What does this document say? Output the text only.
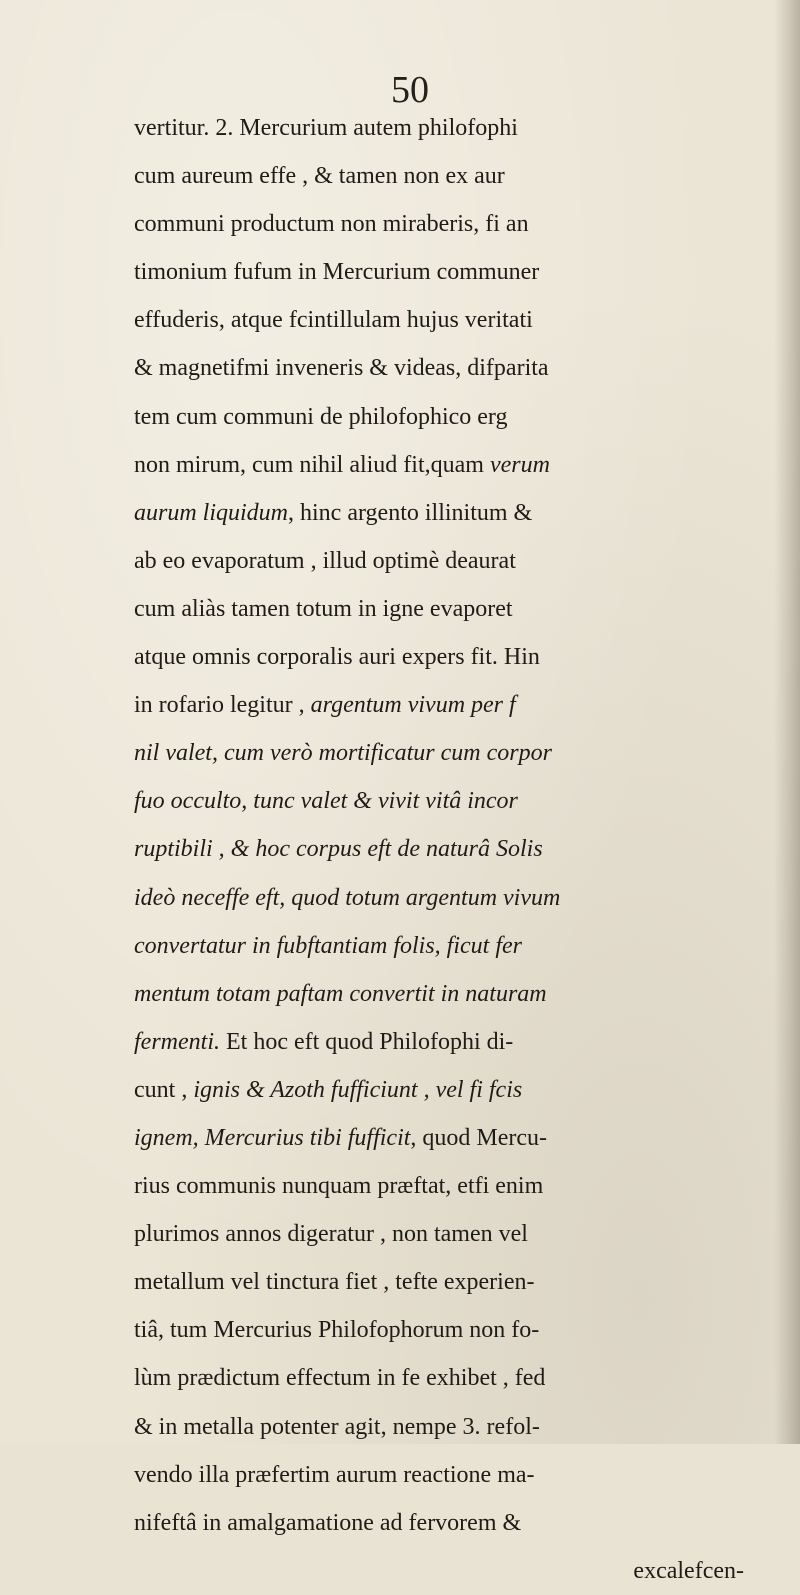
50
vertitur. 2. Mercurium autem philofophi
cum aureum effe , & tamen non ex aur
communi productum non miraberis, fi an
timonium fufum in Mercurium communer
effuderis, atque fcintillulam hujus veritati
& magnetifmi inveneris & videas, difparita
tem cum communi de philofophico erg
non mirum, cum nihil aliud fit,quam verum
aurum liquidum, hinc argento illinitum &
ab eo evaporatum , illud optimè deaurat
cum aliàs tamen totum in igne evaporet
atque omnis corporalis auri expers fit. Hin
in rofario legitur , argentum vivum per f
nil valet, cum verò mortificatur cum corpor
fuo occulto, tunc valet & vivit vitâ incor
ruptibili , & hoc corpus eft de naturâ Solis
ideò neceffe eft, quod totum argentum vivum
convertatur in fubftantiam folis, ficut fer
mentum totam paftam convertit in naturam
fermenti. Et hoc eft quod Philofophi di-
cunt , ignis & Azoth fufficiunt , vel fi fcis
ignem, Mercurius tibi fufficit, quod Mercu-
rius communis nunquam præftat, etfi enim
plurimos annos digeratur , non tamen vel
metallum vel tinctura fiet , tefte experien-
tiâ, tum Mercurius Philofophorum non fo-
lùm prædictum effectum in fe exhibet , fed
& in metalla potenter agit, nempe 3. refol-
vendo illa præfertim aurum reactione ma-
nifeftâ in amalgamatione ad fervorem &
excalefcen-
